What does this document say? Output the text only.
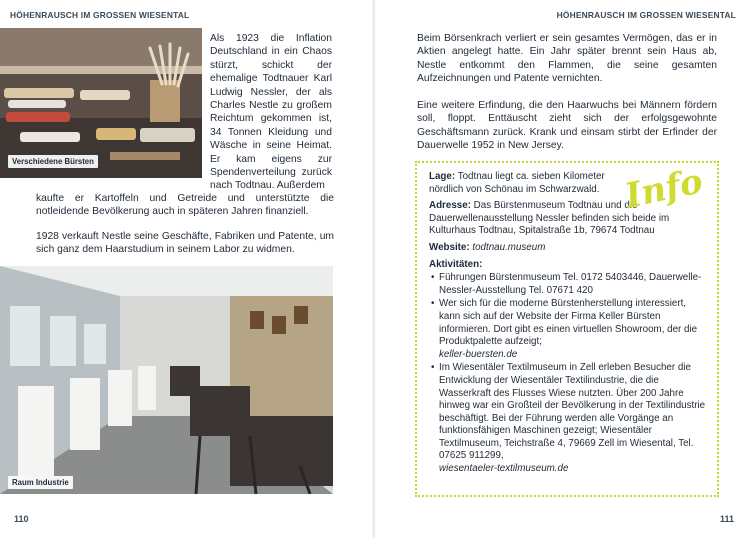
HÖHENRAUSCH IM GROSSEN WIESENTAL
Verschiedene Bürsten

Als 1923 die Inflation Deutschland in ein Chaos stürzt, schickt der ehemalige Todtnauer Karl Ludwig Nessler, der als Charles Nestle zu großem Reichtum gekommen ist, 34 Tonnen Kleidung und Wäsche in seine Heimat. Er kam eigens zur Spendenverteilung zurück nach Todtnau. Außerdem

kaufte er Kartoffeln und Getreide und unterstützte die notleidende Bevölkerung auch in späteren Jahren finanziell.

1928 verkauft Nestle seine Geschäfte, Fabriken und Patente, um sich ganz dem Haarstudium in seinem Labor zu widmen.

Raum Industrie
110
HÖHENRAUSCH IM GROSSEN WIESENTAL

Beim Börsenkrach verliert er sein gesamtes Vermögen, das er in Aktien angelegt hatte. Ein Jahr später brennt sein Haus ab, Nestle entkommt den Flammen, die seine gesamten Aufzeichnungen und Patente vernichten.

Eine weitere Erfindung, die den Haarwuchs bei Männern fördern soll, floppt. Enttäuscht zieht sich der erfolgsgewohnte Geschäftsmann zurück. Krank und einsam stirbt der Erfinder der Dauerwelle 1952 in New Jersey.

Info
Lage: Todtnau liegt ca. sieben Kilometer nördlich von Schönau im Schwarzwald.
Adresse: Das Bürstenmuseum Todtnau und die Dauerwellenausstellung Nessler befinden sich beide im Kulturhaus Todtnau, Spitalstraße 1b, 79674 Todtnau
Website: todtnau.museum
Aktivitäten:
• Führungen Bürstenmuseum Tel. 0172 5403446, Dauerwelle-Nessler-Ausstellung Tel. 07671 420
• Wer sich für die moderne Bürstenherstellung interessiert, kann sich auf der Website der Firma Keller Bürsten informieren. Dort gibt es einen virtuellen Showroom, der die Produktpalette aufzeigt;
keller-buersten.de
• Im Wiesentäler Textilmuseum in Zell erleben Besucher die Entwicklung der Wiesentäler Textilindustrie, die die Wasserkraft des Flusses Wiese nutzten. Über 200 Jahre hinweg war ein Großteil der Bevölkerung in der Textilindustrie beschäftigt. Bei der Führung werden alle Vorgänge an funktionsfähigen Maschinen gezeigt; Wiesentäler Textilmuseum, Teichstraße 4, 79669 Zell im Wiesental, Tel. 07625 911299,
wiesentaeler-textilmuseum.de
111
